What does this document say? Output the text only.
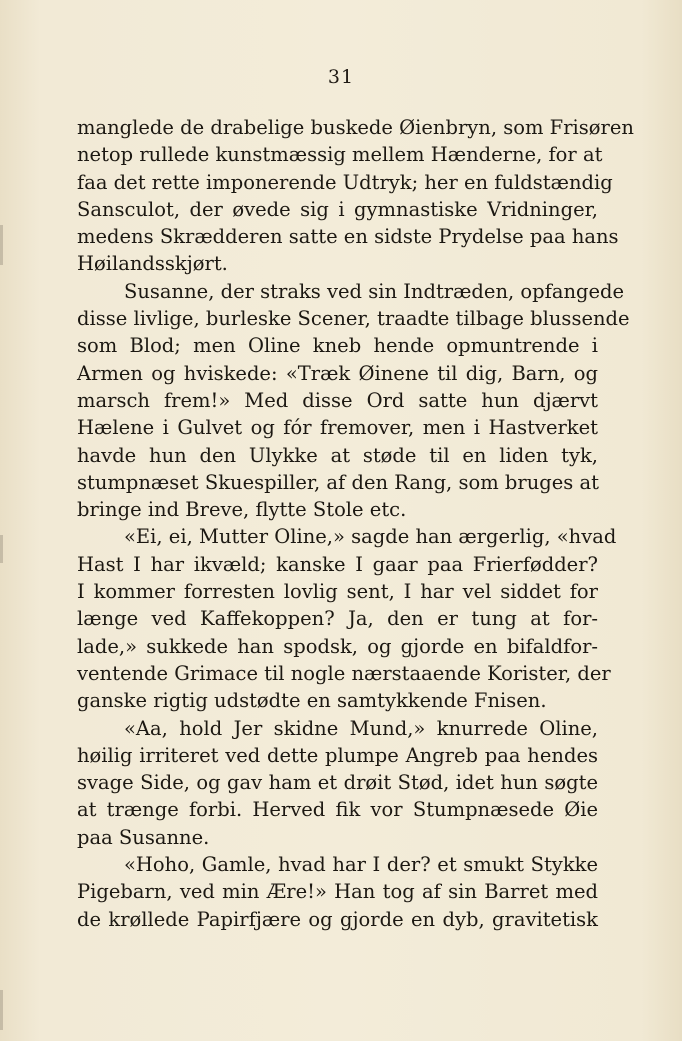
31
manglede de drabelige buskede Øienbryn, som Frisøren
netop rullede kunstmæssig mellem Hænderne, for at
faa det rette imponerende Udtryk; her en fuldstændig
Sansculot, der øvede sig i gymnastiske Vridninger,
medens Skrædderen satte en sidste Prydelse paa hans
Høilandsskjørt.
Susanne, der straks ved sin Indtræden, opfangede
disse livlige, burleske Scener, traadte tilbage blussende
som Blod; men Oline kneb hende opmuntrende i
Armen og hviskede: «Træk Øinene til dig, Barn, og
marsch frem!» Med disse Ord satte hun djærvt
Hælene i Gulvet og fór fremover, men i Hastverket
havde hun den Ulykke at støde til en liden tyk,
stumpnæset Skuespiller, af den Rang, som bruges at
bringe ind Breve, flytte Stole etc.
«Ei, ei, Mutter Oline,» sagde han ærgerlig, «hvad
Hast I har ikvæld; kanske I gaar paa Frierfødder?
I kommer forresten lovlig sent, I har vel siddet for
længe ved Kaffekoppen? Ja, den er tung at for-
lade,» sukkede han spodsk, og gjorde en bifaldfor-
ventende Grimace til nogle nærstaaende Korister, der
ganske rigtig udstødte en samtykkende Fnisen.
«Aa, hold Jer skidne Mund,» knurrede Oline,
høilig irriteret ved dette plumpe Angreb paa hendes
svage Side, og gav ham et drøit Stød, idet hun søgte
at trænge forbi. Herved fik vor Stumpnæsede Øie
paa Susanne.
«Hoho, Gamle, hvad har I der? et smukt Stykke
Pigebarn, ved min Ære!» Han tog af sin Barret med
de krøllede Papirfjære og gjorde en dyb, gravitetisk
